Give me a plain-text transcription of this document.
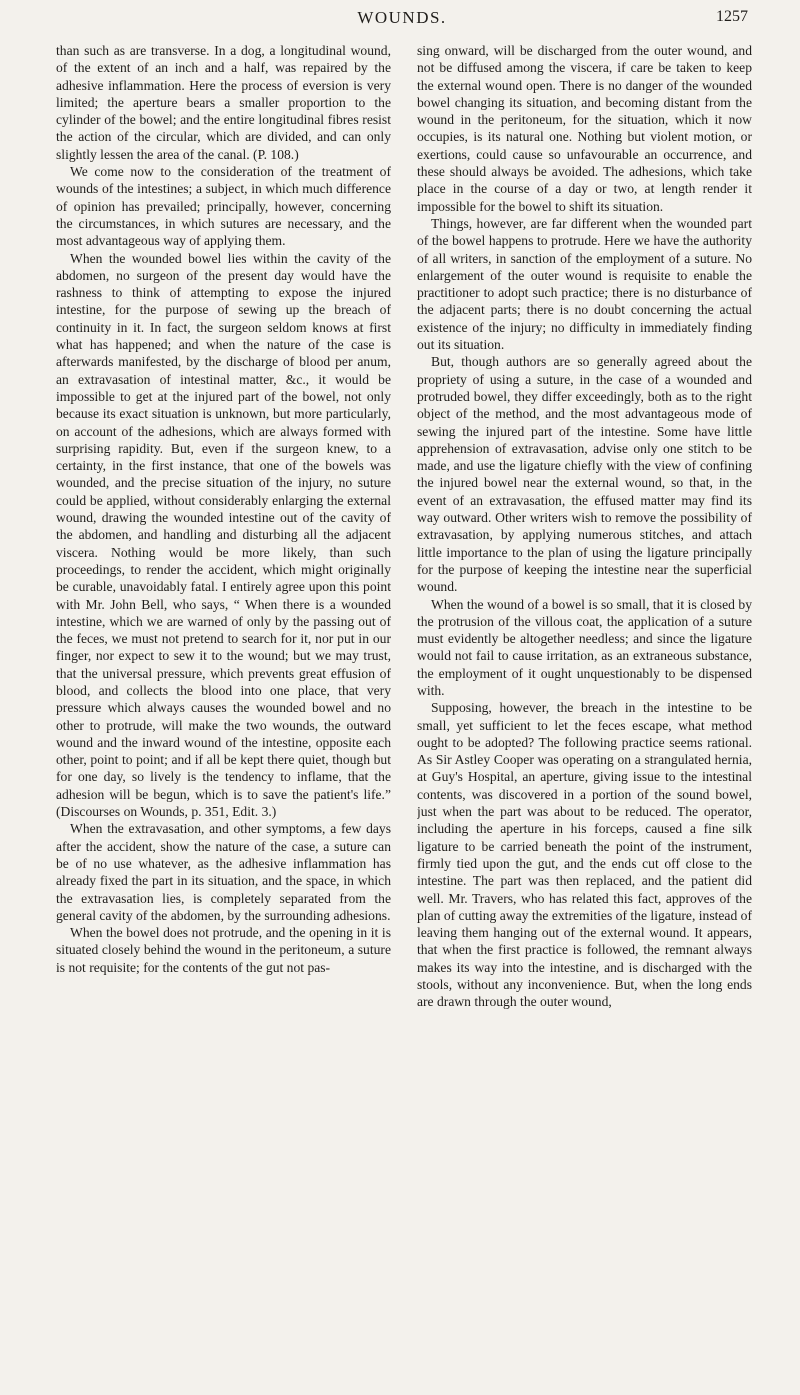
WOUNDS.	1257

than such as are transverse. In a dog, a longitudinal wound, of the extent of an inch and a half, was repaired by the adhesive inflammation. Here the process of eversion is very limited; the aperture bears a smaller proportion to the cylinder of the bowel; and the entire longitudinal fibres resist the action of the circular, which are divided, and can only slightly lessen the area of the canal. (P. 108.)

We come now to the consideration of the treatment of wounds of the intestines; a subject, in which much difference of opinion has prevailed; principally, however, concerning the circumstances, in which sutures are necessary, and the most advantageous way of applying them.

When the wounded bowel lies within the cavity of the abdomen, no surgeon of the present day would have the rashness to think of attempting to expose the injured intestine, for the purpose of sewing up the breach of continuity in it. In fact, the surgeon seldom knows at first what has happened; and when the nature of the case is afterwards manifested, by the discharge of blood per anum, an extravasation of intestinal matter, &c., it would be impossible to get at the injured part of the bowel, not only because its exact situation is unknown, but more particularly, on account of the adhesions, which are always formed with surprising rapidity. But, even if the surgeon knew, to a certainty, in the first instance, that one of the bowels was wounded, and the precise situation of the injury, no suture could be applied, without considerably enlarging the external wound, drawing the wounded intestine out of the cavity of the abdomen, and handling and disturbing all the adjacent viscera. Nothing would be more likely, than such proceedings, to render the accident, which might originally be curable, unavoidably fatal. I entirely agree upon this point with Mr. John Bell, who says, “ When there is a wounded intestine, which we are warned of only by the passing out of the feces, we must not pretend to search for it, nor put in our finger, nor expect to sew it to the wound; but we may trust, that the universal pressure, which prevents great effusion of blood, and collects the blood into one place, that very pressure which always causes the wounded bowel and no other to protrude, will make the two wounds, the outward wound and the inward wound of the intestine, opposite each other, point to point; and if all be kept there quiet, though but for one day, so lively is the tendency to inflame, that the adhesion will be begun, which is to save the patient's life.” (Discourses on Wounds, p. 351, Edit. 3.)

When the extravasation, and other symptoms, a few days after the accident, show the nature of the case, a suture can be of no use whatever, as the adhesive inflammation has already fixed the part in its situation, and the space, in which the extravasation lies, is completely separated from the general cavity of the abdomen, by the surrounding adhesions.

When the bowel does not protrude, and the opening in it is situated closely behind the wound in the peritoneum, a suture is not requisite; for the contents of the gut not pas-

sing onward, will be discharged from the outer wound, and not be diffused among the viscera, if care be taken to keep the external wound open. There is no danger of the wounded bowel changing its situation, and becoming distant from the wound in the peritoneum, for the situation, which it now occupies, is its natural one. Nothing but violent motion, or exertions, could cause so unfavourable an occurrence, and these should always be avoided. The adhesions, which take place in the course of a day or two, at length render it impossible for the bowel to shift its situation.

Things, however, are far different when the wounded part of the bowel happens to protrude. Here we have the authority of all writers, in sanction of the employment of a suture. No enlargement of the outer wound is requisite to enable the practitioner to adopt such practice; there is no disturbance of the adjacent parts; there is no doubt concerning the actual existence of the injury; no difficulty in immediately finding out its situation.

But, though authors are so generally agreed about the propriety of using a suture, in the case of a wounded and protruded bowel, they differ exceedingly, both as to the right object of the method, and the most advantageous mode of sewing the injured part of the intestine. Some have little apprehension of extravasation, advise only one stitch to be made, and use the ligature chiefly with the view of confining the injured bowel near the external wound, so that, in the event of an extravasation, the effused matter may find its way outward. Other writers wish to remove the possibility of extravasation, by applying numerous stitches, and attach little importance to the plan of using the ligature principally for the purpose of keeping the intestine near the superficial wound.

When the wound of a bowel is so small, that it is closed by the protrusion of the villous coat, the application of a suture must evidently be altogether needless; and since the ligature would not fail to cause irritation, as an extraneous substance, the employment of it ought unquestionably to be dispensed with.

Supposing, however, the breach in the intestine to be small, yet sufficient to let the feces escape, what method ought to be adopted? The following practice seems rational. As Sir Astley Cooper was operating on a strangulated hernia, at Guy's Hospital, an aperture, giving issue to the intestinal contents, was discovered in a portion of the sound bowel, just when the part was about to be reduced. The operator, including the aperture in his forceps, caused a fine silk ligature to be carried beneath the point of the instrument, firmly tied upon the gut, and the ends cut off close to the intestine. The part was then replaced, and the patient did well. Mr. Travers, who has related this fact, approves of the plan of cutting away the extremities of the ligature, instead of leaving them hanging out of the external wound. It appears, that when the first practice is followed, the remnant always makes its way into the intestine, and is discharged with the stools, without any inconvenience. But, when the long ends are drawn through the outer wound,
